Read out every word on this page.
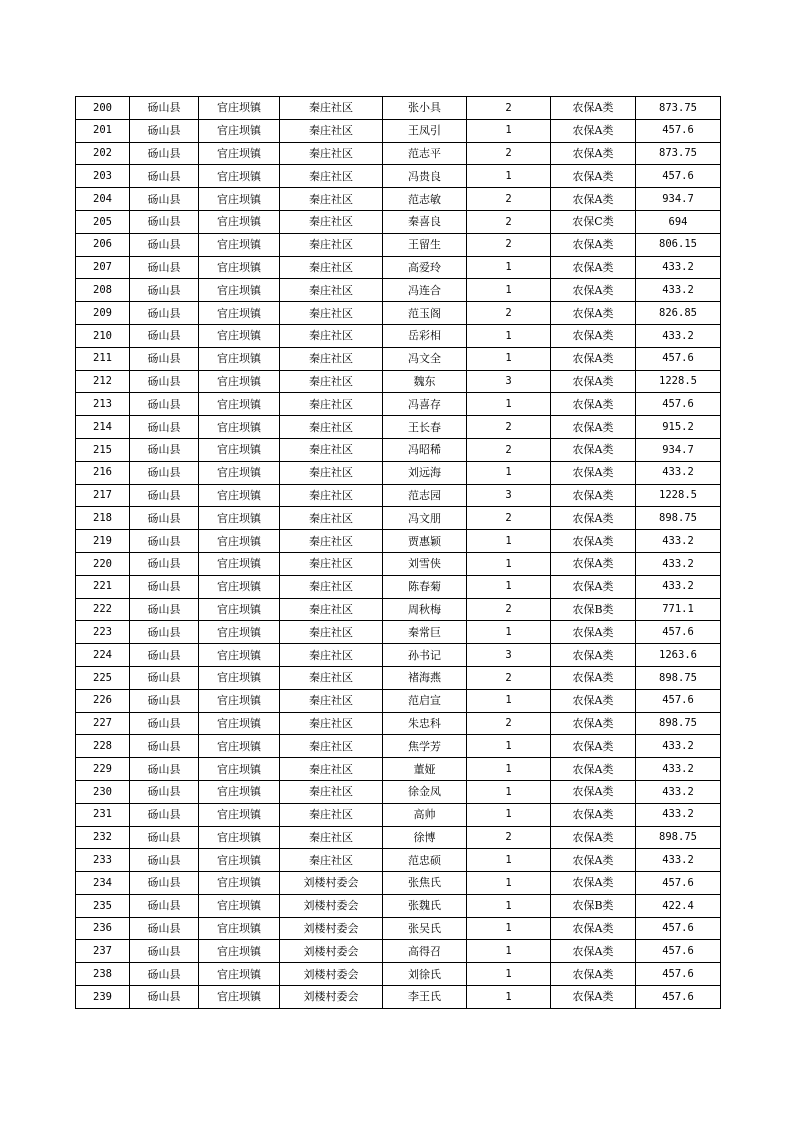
200	砀山县	官庄坝镇	秦庄社区	张小具	2	农保A类	873.75
201	砀山县	官庄坝镇	秦庄社区	王凤引	1	农保A类	457.6
202	砀山县	官庄坝镇	秦庄社区	范志平	2	农保A类	873.75
203	砀山县	官庄坝镇	秦庄社区	冯贵良	1	农保A类	457.6
204	砀山县	官庄坝镇	秦庄社区	范志敏	2	农保A类	934.7
205	砀山县	官庄坝镇	秦庄社区	秦喜良	2	农保C类	694
206	砀山县	官庄坝镇	秦庄社区	王留生	2	农保A类	806.15
207	砀山县	官庄坝镇	秦庄社区	高爱玲	1	农保A类	433.2
208	砀山县	官庄坝镇	秦庄社区	冯连合	1	农保A类	433.2
209	砀山县	官庄坝镇	秦庄社区	范玉阁	2	农保A类	826.85
210	砀山县	官庄坝镇	秦庄社区	岳彩相	1	农保A类	433.2
211	砀山县	官庄坝镇	秦庄社区	冯文全	1	农保A类	457.6
212	砀山县	官庄坝镇	秦庄社区	魏东	3	农保A类	1228.5
213	砀山县	官庄坝镇	秦庄社区	冯喜存	1	农保A类	457.6
214	砀山县	官庄坝镇	秦庄社区	王长春	2	农保A类	915.2
215	砀山县	官庄坝镇	秦庄社区	冯昭稀	2	农保A类	934.7
216	砀山县	官庄坝镇	秦庄社区	刘远海	1	农保A类	433.2
217	砀山县	官庄坝镇	秦庄社区	范志园	3	农保A类	1228.5
218	砀山县	官庄坝镇	秦庄社区	冯文朋	2	农保A类	898.75
219	砀山县	官庄坝镇	秦庄社区	贾惠颖	1	农保A类	433.2
220	砀山县	官庄坝镇	秦庄社区	刘雪侠	1	农保A类	433.2
221	砀山县	官庄坝镇	秦庄社区	陈春菊	1	农保A类	433.2
222	砀山县	官庄坝镇	秦庄社区	周秋梅	2	农保B类	771.1
223	砀山县	官庄坝镇	秦庄社区	秦常巨	1	农保A类	457.6
224	砀山县	官庄坝镇	秦庄社区	孙书记	3	农保A类	1263.6
225	砀山县	官庄坝镇	秦庄社区	褚海燕	2	农保A类	898.75
226	砀山县	官庄坝镇	秦庄社区	范启宣	1	农保A类	457.6
227	砀山县	官庄坝镇	秦庄社区	朱忠科	2	农保A类	898.75
228	砀山县	官庄坝镇	秦庄社区	焦学芳	1	农保A类	433.2
229	砀山县	官庄坝镇	秦庄社区	董娅	1	农保A类	433.2
230	砀山县	官庄坝镇	秦庄社区	徐金凤	1	农保A类	433.2
231	砀山县	官庄坝镇	秦庄社区	高帅	1	农保A类	433.2
232	砀山县	官庄坝镇	秦庄社区	徐博	2	农保A类	898.75
233	砀山县	官庄坝镇	秦庄社区	范忠硕	1	农保A类	433.2
234	砀山县	官庄坝镇	刘楼村委会	张焦氏	1	农保A类	457.6
235	砀山县	官庄坝镇	刘楼村委会	张魏氏	1	农保B类	422.4
236	砀山县	官庄坝镇	刘楼村委会	张吴氏	1	农保A类	457.6
237	砀山县	官庄坝镇	刘楼村委会	高得召	1	农保A类	457.6
238	砀山县	官庄坝镇	刘楼村委会	刘徐氏	1	农保A类	457.6
239	砀山县	官庄坝镇	刘楼村委会	李王氏	1	农保A类	457.6
